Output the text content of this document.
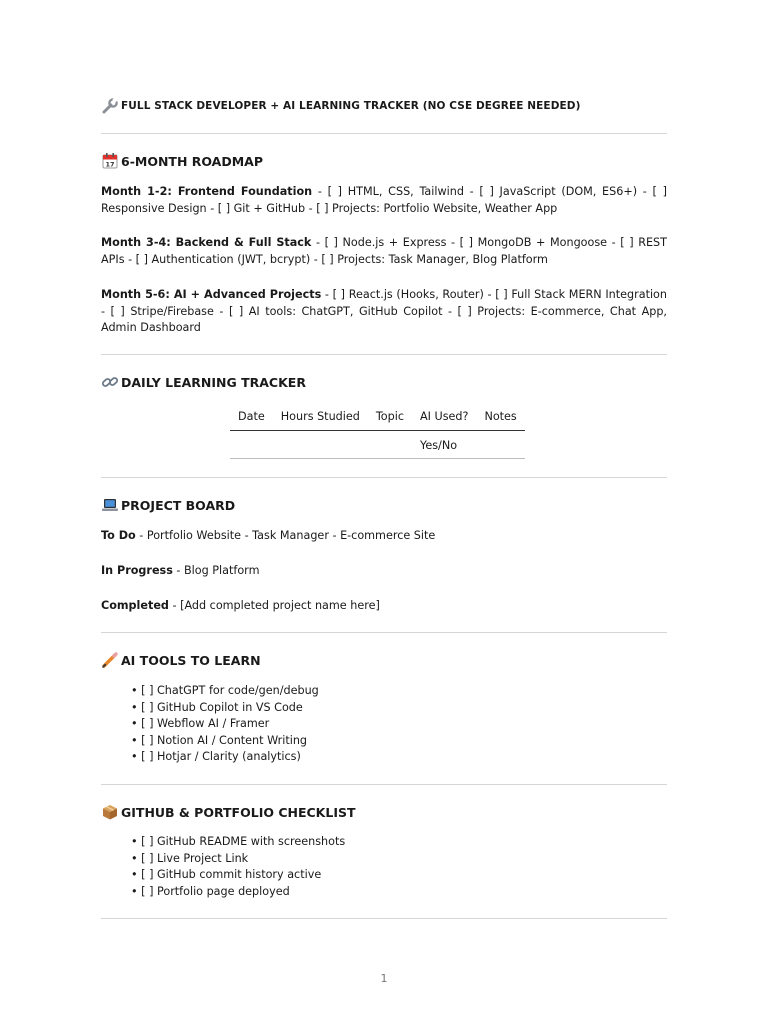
FULL STACK DEVELOPER + AI LEARNING TRACKER (NO CSE DEGREE NEEDED)
17 6-MONTH ROADMAP
Month 1-2: Frontend Foundation - [ ] HTML, CSS, Tailwind - [ ] JavaScript (DOM, ES6+) - [ ] Responsive Design - [ ] Git + GitHub - [ ] Projects: Portfolio Website, Weather App
Month 3-4: Backend & Full Stack - [ ] Node.js + Express - [ ] MongoDB + Mongoose - [ ] REST APIs - [ ] Authentication (JWT, bcrypt) - [ ] Projects: Task Manager, Blog Platform
Month 5-6: AI + Advanced Projects - [ ] React.js (Hooks, Router) - [ ] Full Stack MERN Integration - [ ] Stripe/Firebase - [ ] AI tools: ChatGPT, GitHub Copilot - [ ] Projects: E-commerce, Chat App, Admin Dashboard
DAILY LEARNING TRACKER
Date	Hours Studied	Topic	AI Used?	Notes
			Yes/No	
PROJECT BOARD
To Do - Portfolio Website - Task Manager - E-commerce Site
In Progress - Blog Platform
Completed - [Add completed project name here]
AI TOOLS TO LEARN
• [ ] ChatGPT for code/gen/debug
• [ ] GitHub Copilot in VS Code
• [ ] Webflow AI / Framer
• [ ] Notion AI / Content Writing
• [ ] Hotjar / Clarity (analytics)
GITHUB & PORTFOLIO CHECKLIST
• [ ] GitHub README with screenshots
• [ ] Live Project Link
• [ ] GitHub commit history active
• [ ] Portfolio page deployed
1
